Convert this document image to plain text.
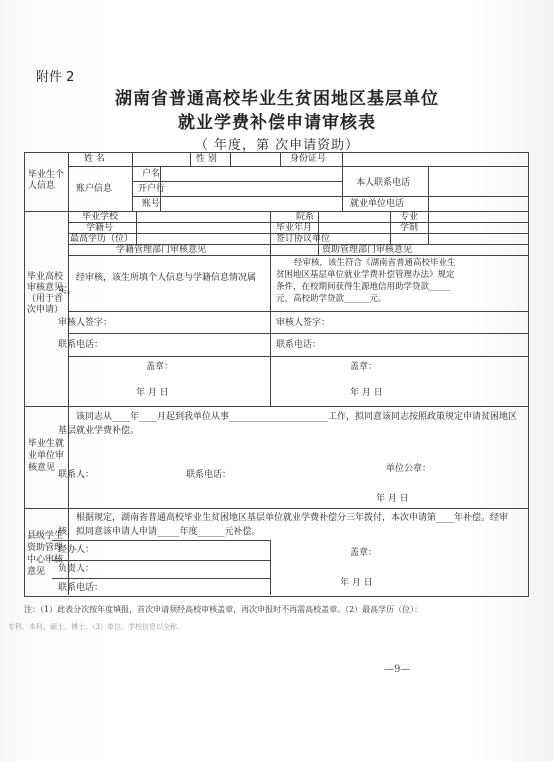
附件 2
湖南省普通高校毕业生贫困地区基层单位
就业学费补偿申请审核表
（ 年度，第 次申请资助）
毕业生个人信息
姓 名	性 别	身份证号
账户信息
户名
开户行
账号
本人联系电话
就业单位电话
毕业高校审核意见（用于首次申请）
毕业学校	院系	专业
学籍号	毕业年月	学制
最高学历（位）	签订协议单位
学籍管理部门审核意见	资助管理部门审核意见
经审核，该生所填个人信息与学籍信息情况属实。
经审核，该生符合《湖南省普通高校毕业生贫困地区基层单位就业学费补偿管理办法》规定条件，在校期间获得生源地信用助学贷款_____元，高校助学贷款______元。
审核人签字：	审核人签字：
联系电话：	联系电话：
盖章：	盖章：
年 月 日	年 月 日
毕业生就业单位审核意见
该同志从____年____月起到我单位从事______________________工作，拟同意该同志按照政策规定申请贫困地区基层就业学费补偿。
联系人：	联系电话：
单位公章：
年 月 日
县级学生资助管理中心审核意见
根据规定，湖南省普通高校毕业生贫困地区基层单位就业学费补偿分三年拨付，本次申请第____年补偿。经审核，拟同意该申请人申请_____年度______元补偿。
经办人：
负责人：
联系电话：
盖章：
年 月 日
注：（1）此表分次按年度填报，首次申请须经高校审核盖章，再次申报时不再需高校盖章。（2）最高学历（位）：
专科、本科、硕士、博士。（3）单位、学校信息以全称。
—9—
